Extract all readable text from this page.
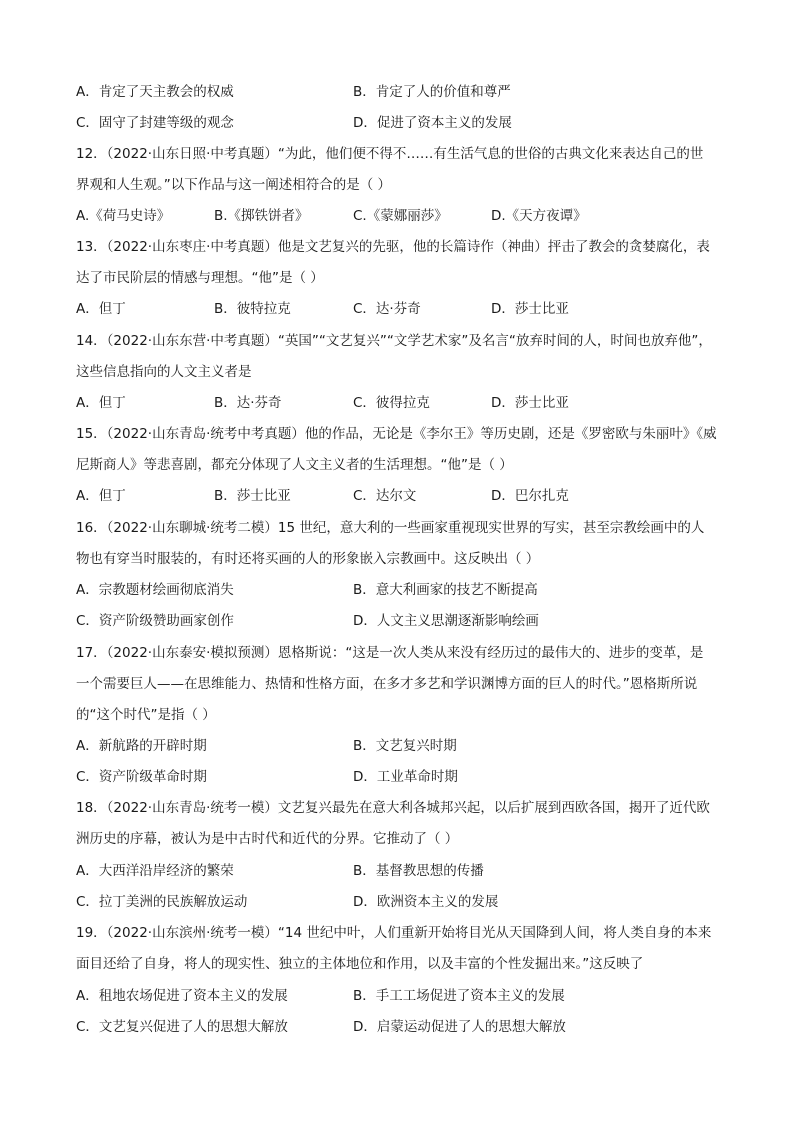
A．肯定了天主教会的权威	B．肯定了人的价值和尊严
C．固守了封建等级的观念	D．促进了资本主义的发展
12．（2022·山东日照·中考真题）“为此，他们便不得不……有生活气息的世俗的古典文化来表达自己的世
界观和人生观。”以下作品与这一阐述相符合的是（ ）
A.《荷马史诗》	B.《掷铁饼者》	C.《蒙娜丽莎》	D.《天方夜谭》
13．（2022·山东枣庄·中考真题）他是文艺复兴的先驱，他的长篇诗作（神曲）抨击了教会的贪婪腐化，表
达了市民阶层的情感与理想。“他”是（ ）
A．但丁	B．彼特拉克	C．达·芬奇	D．莎士比亚
14．（2022·山东东营·中考真题）“英国”“文艺复兴”“文学艺术家”及名言“放弃时间的人，时间也放弃他”，
这些信息指向的人文主义者是
A．但丁	B．达·芬奇	C．彼得拉克	D．莎士比亚
15．（2022·山东青岛·统考中考真题）他的作品，无论是《李尔王》等历史剧，还是《罗密欧与朱丽叶》《威
尼斯商人》等悲喜剧，都充分体现了人文主义者的生活理想。“他”是（ ）
A．但丁	B．莎士比亚	C．达尔文	D．巴尔扎克
16．（2022·山东聊城·统考二模）15 世纪，意大利的一些画家重视现实世界的写实，甚至宗教绘画中的人
物也有穿当时服装的，有时还将买画的人的形象嵌入宗教画中。这反映出（ ）
A．宗教题材绘画彻底消失	B．意大利画家的技艺不断提高
C．资产阶级赞助画家创作	D．人文主义思潮逐渐影响绘画
17．（2022·山东泰安·模拟预测）恩格斯说：“这是一次人类从来没有经历过的最伟大的、进步的变革，是
一个需要巨人——在思维能力、热情和性格方面，在多才多艺和学识渊博方面的巨人的时代。”恩格斯所说
的“这个时代”是指（ ）
A．新航路的开辟时期	B．文艺复兴时期
C．资产阶级革命时期	D．工业革命时期
18．（2022·山东青岛·统考一模）文艺复兴最先在意大利各城邦兴起，以后扩展到西欧各国，揭开了近代欧
洲历史的序幕，被认为是中古时代和近代的分界。它推动了（ ）
A．大西洋沿岸经济的繁荣	B．基督教思想的传播
C．拉丁美洲的民族解放运动	D．欧洲资本主义的发展
19．（2022·山东滨州·统考一模）“14 世纪中叶，人们重新开始将目光从天国降到人间，将人类自身的本来
面目还给了自身，将人的现实性、独立的主体地位和作用，以及丰富的个性发掘出来。”这反映了
A．租地农场促进了资本主义的发展	B．手工工场促进了资本主义的发展
C．文艺复兴促进了人的思想大解放	D．启蒙运动促进了人的思想大解放
